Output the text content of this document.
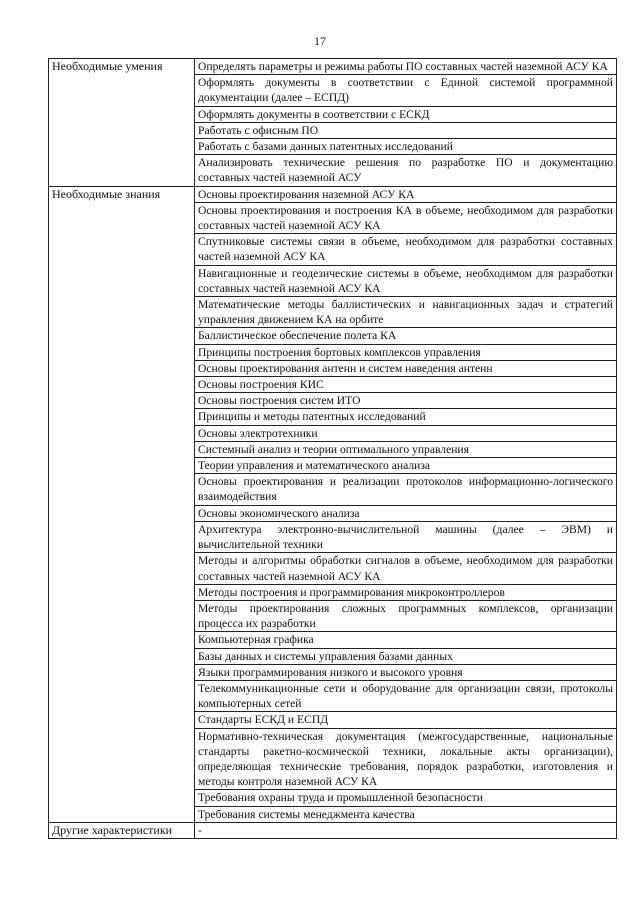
17
Необходимые умения	Определять параметры и режимы работы ПО составных частей наземной АСУ КА
	Оформлять документы в соответствии с Единой системой программной документации (далее – ЕСПД)
	Оформлять документы в соответствии с ЕСКД
	Работать с офисным ПО
	Работать с базами данных патентных исследований
	Анализировать технические решения по разработке ПО и документацию составных частей наземной АСУ
Необходимые знания	Основы проектирования наземной АСУ КА
	Основы проектирования и построения КА в объеме, необходимом для разработки составных частей наземной АСУ КА
	Спутниковые системы связи в объеме, необходимом для разработки составных частей наземной АСУ КА
	Навигационные и геодезические системы в объеме, необходимом для разработки составных частей наземной АСУ КА
	Математические методы баллистических и навигационных задач и стратегий управления движением КА на орбите
	Баллистическое обеспечение полета КА
	Принципы построения бортовых комплексов управления
	Основы проектирования антенн и систем наведения антенн
	Основы построения КИС
	Основы построения систем ИТО
	Принципы и методы патентных исследований
	Основы электротехники
	Системный анализ и теории оптимального управления
	Теории управления и математического анализа
	Основы проектирования и реализации протоколов информационно-логического взаимодействия
	Основы экономического анализа
	Архитектура электронно-вычислительной машины (далее – ЭВМ) и вычислительной техники
	Методы и алгоритмы обработки сигналов в объеме, необходимом для разработки составных частей наземной АСУ КА
	Методы построения и программирования микроконтроллеров
	Методы проектирования сложных программных комплексов, организации процесса их разработки
	Компьютерная графика
	Базы данных и системы управления базами данных
	Языки программирования низкого и высокого уровня
	Телекоммуникационные сети и оборудование для организации связи, протоколы компьютерных сетей
	Стандарты ЕСКД и ЕСПД
	Нормативно-техническая документация (межгосударственные, национальные стандарты ракетно-космической техники, локальные акты организации), определяющая технические требования, порядок разработки, изготовления и методы контроля наземной АСУ КА
	Требования охраны труда и промышленной безопасности
	Требования системы менеджмента качества
Другие характеристики	-
